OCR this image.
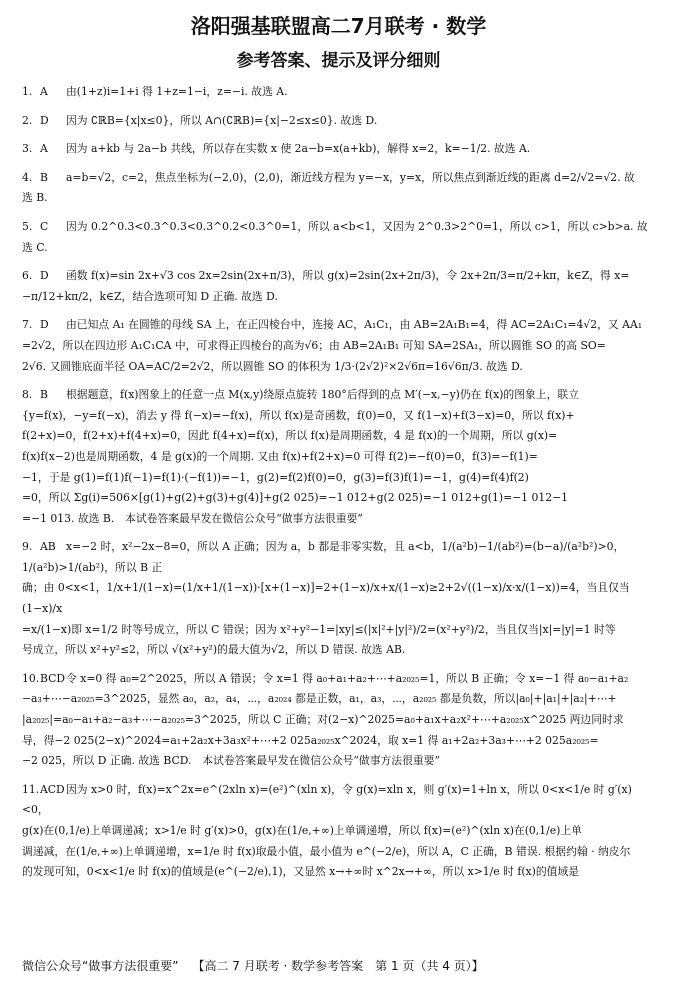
洛阳强基联盟高二7月联考 · 数学
参考答案、提示及评分细则

1. A 由(1+z)i=1+i 得 1+z=1−i，z=−i. 故选 A.

2. D 因为 ∁ℝB={x|x≤0}，所以 A∩(∁ℝB)={x|−2≤x≤0}. 故选 D.

3. A 因为 a+kb 与 2a−b 共线，所以存在实数 x 使 2a−b=x(a+kb)，解得 x=2，k=−1/2. 故选 A.

4. B a=b=√2，c=2，焦点坐标为(−2,0)，(2,0)，渐近线方程为 y=−x，y=x，所以焦点到渐近线的距离 d=2/√2=√2. 故

选 B.

5. C 因为 0.2^0.3<0.3^0.3<0.3^0.2<0.3^0=1，所以 a<b<1，又因为 2^0.3>2^0=1，所以 c>1，所以 c>b>a. 故选 C.

6. D 函数 f(x)=sin 2x+√3 cos 2x=2sin(2x+π/3)，所以 g(x)=2sin(2x+2π/3)，令 2x+2π/3=π/2+kπ，k∈Z，得 x=

−π/12+kπ/2，k∈Z，结合选项可知 D 正确. 故选 D.

7. D 由已知点 A₁ 在圆锥的母线 SA 上，在正四棱台中，连接 AC，A₁C₁，由 AB=2A₁B₁=4，得 AC=2A₁C₁=4√2，又 AA₁

=2√2，所以在四边形 A₁C₁CA 中，可求得正四棱台的高为√6；由 AB=2A₁B₁ 可知 SA=2SA₁，所以圆锥 SO 的高 SO=

2√6. 又圆锥底面半径 OA=AC/2=2√2，所以圆锥 SO 的体积为 1/3·(2√2)²×2√6π=16√6π/3. 故选 D.

8. B 根据题意，f(x)图象上的任意一点 M(x,y)绕原点旋转 180°后得到的点 M′(−x,−y)仍在 f(x)的图象上，联立

{y=f(x)，−y=f(−x)，消去 y 得 f(−x)=−f(x)，所以 f(x)是奇函数，f(0)=0，又 f(1−x)+f(3−x)=0，所以 f(x)+

f(2+x)=0，f(2+x)+f(4+x)=0，因此 f(4+x)=f(x)，所以 f(x)是周期函数，4 是 f(x)的一个周期，所以 g(x)=

f(x)f(x−2)也是周期函数，4 是 g(x)的一个周期. 又由 f(x)+f(2+x)=0 可得 f(2)=−f(0)=0，f(3)=−f(1)=

−1，于是 g(1)=f(1)f(−1)=f(1)·(−f(1))=−1，g(2)=f(2)f(0)=0，g(3)=f(3)f(1)=−1，g(4)=f(4)f(2)

=0，所以 Σg(i)=506×[g(1)+g(2)+g(3)+g(4)]+g(2 025)=−1 012+g(2 025)=−1 012+g(1)=−1 012−1

=−1 013. 故选 B.　本试卷答案最早发在微信公众号“做事方法很重要”

9. AB x=−2 时，x²−2x−8=0，所以 A 正确；因为 a，b 都是非零实数，且 a<b，1/(a²b)−1/(ab²)=(b−a)/(a²b²)>0，1/(a²b)>1/(ab²)，所以 B 正

确；由 0<x<1，1/x+1/(1−x)=(1/x+1/(1−x))·[x+(1−x)]=2+(1−x)/x+x/(1−x)≥2+2√((1−x)/x·x/(1−x))=4，当且仅当(1−x)/x

=x/(1−x)即 x=1/2 时等号成立，所以 C 错误；因为 x²+y²−1=|xy|≤(|x|²+|y|²)/2=(x²+y²)/2，当且仅当|x|=|y|=1 时等

号成立，所以 x²+y²≤2，所以 √(x²+y²)的最大值为√2，所以 D 错误. 故选 AB.

10.BCD令 x=0 得 a₀=2^2025，所以 A 错误；令 x=1 得 a₀+a₁+a₂+⋯+a₂₀₂₅=1，所以 B 正确；令 x=−1 得 a₀−a₁+a₂

−a₃+⋯−a₂₀₂₅=3^2025，显然 a₀，a₂，a₄，⋯，a₂₀₂₄ 都是正数，a₁，a₃，⋯，a₂₀₂₅ 都是负数，所以|a₀|+|a₁|+|a₂|+⋯+

|a₂₀₂₅|=a₀−a₁+a₂−a₃+⋯−a₂₀₂₅=3^2025，所以 C 正确；对(2−x)^2025=a₀+a₁x+a₂x²+⋯+a₂₀₂₅x^2025 两边同时求

导，得−2 025(2−x)^2024=a₁+2a₂x+3a₃x²+⋯+2 025a₂₀₂₅x^2024，取 x=1 得 a₁+2a₂+3a₃+⋯+2 025a₂₀₂₅=

−2 025，所以 D 正确. 故选 BCD.　本试卷答案最早发在微信公众号“做事方法很重要”

11.ACD因为 x>0 时，f(x)=x^2x=e^(2xln x)=(e²)^(xln x)，令 g(x)=xln x，则 g′(x)=1+ln x，所以 0<x<1/e 时 g′(x)<0，

g(x)在(0,1/e)上单调递减；x>1/e 时 g′(x)>0，g(x)在(1/e,+∞)上单调递增，所以 f(x)=(e²)^(xln x)在(0,1/e)上单

调递减，在(1/e,+∞)上单调递增，x=1/e 时 f(x)取最小值，最小值为 e^(−2/e)，所以 A，C 正确，B 错误. 根据约翰 · 纳皮尔

的发现可知，0<x<1/e 时 f(x)的值域是(e^(−2/e),1)，又显然 x→+∞时 x^2x→+∞，所以 x>1/e 时 f(x)的值域是

微信公众号“做事方法很重要” 【高二 7 月联考 · 数学参考答案　第 1 页（共 4 页）】
